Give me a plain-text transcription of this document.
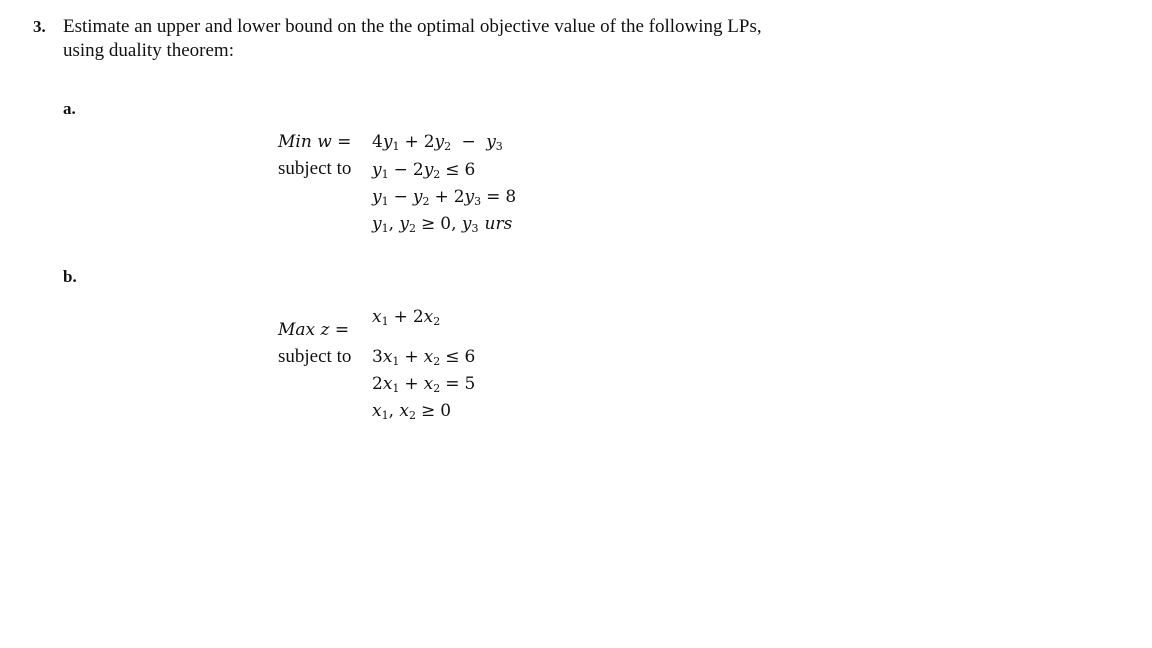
3. Estimate an upper and lower bound on the the optimal objective value of the following LPs,
using duality theorem:
a.
Min $w = 4y_1 + 2y_2 - y_3$
subject to $y_1 - 2y_2 \le 6$
$y_1 - y_2 + 2y_3 = 8$
$y_1$, $y_2 \ge 0$, $y_3$ urs
b.
$x_1 + 2x_2$
Max z =
subject to $3x_1 + x_2 \le 6$
$2x_1 + x_2 = 5$
$x_1$, $x_2 \ge 0$
